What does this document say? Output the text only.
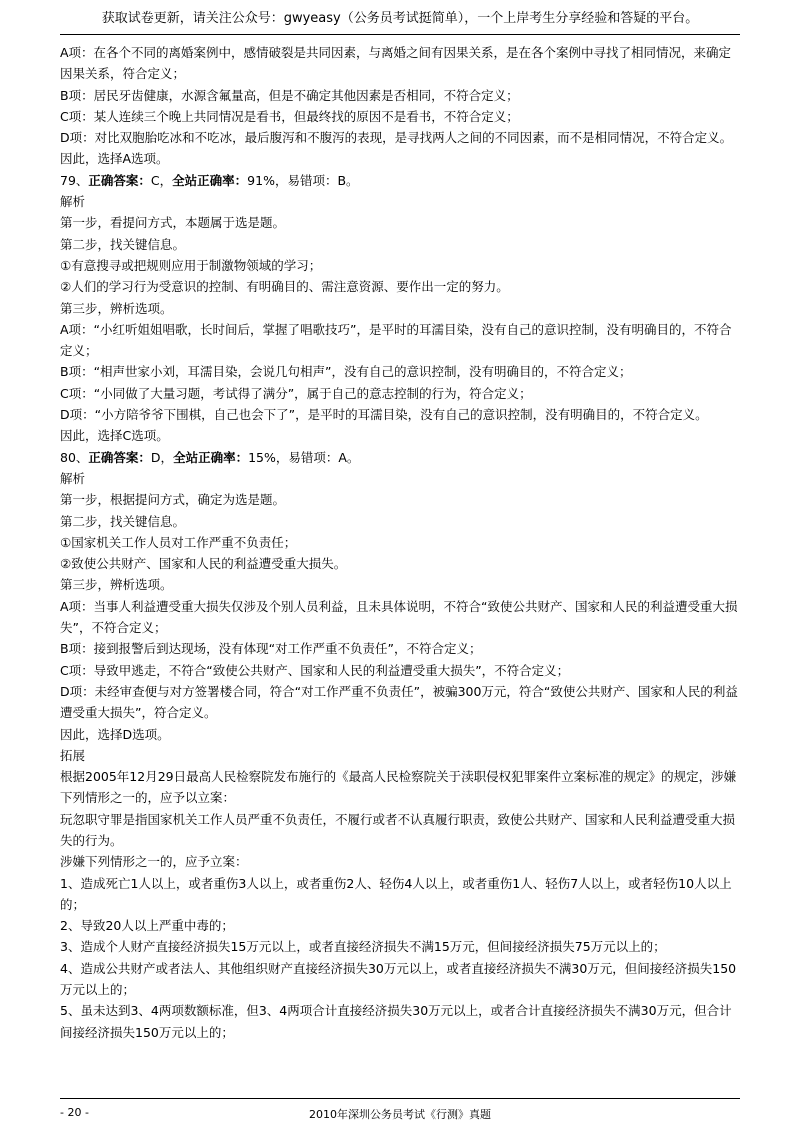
获取试卷更新，请关注公众号：gwyeasy（公务员考试挺简单），一个上岸考生分享经验和答疑的平台。

A项：在各个不同的离婚案例中，感情破裂是共同因素，与离婚之间有因果关系，是在各个案例中寻找了相同情况，来确定因果关系，符合定义；

B项：居民牙齿健康，水源含氟量高，但是不确定其他因素是否相同，不符合定义；

C项：某人连续三个晚上共同情况是看书，但最终找的原因不是看书，不符合定义；

D项：对比双胞胎吃冰和不吃冰，最后腹泻和不腹泻的表现，是寻找两人之间的不同因素，而不是相同情况，不符合定义。

因此，选择A选项。

79、正确答案：C，全站正确率：91%，易错项：B。

解析

第一步，看提问方式，本题属于选是题。

第二步，找关键信息。

①有意搜寻或把规则应用于制激物领域的学习；

②人们的学习行为受意识的控制、有明确目的、需注意资源、要作出一定的努力。

第三步，辨析选项。

A项：“小红听姐姐唱歌，长时间后，掌握了唱歌技巧”，是平时的耳濡目染，没有自己的意识控制，没有明确目的，不符合定义；

B项：“相声世家小刘，耳濡目染，会说几句相声”，没有自己的意识控制，没有明确目的，不符合定义；

C项：“小同做了大量习题，考试得了满分”，属于自己的意志控制的行为，符合定义；

D项：“小方陪爷爷下围棋，自己也会下了”，是平时的耳濡目染，没有自己的意识控制，没有明确目的，不符合定义。

因此，选择C选项。

80、正确答案：D，全站正确率：15%，易错项：A。

解析

第一步，根据提问方式，确定为选是题。

第二步，找关键信息。

①国家机关工作人员对工作严重不负责任；

②致使公共财产、国家和人民的利益遭受重大损失。

第三步，辨析选项。

A项：当事人利益遭受重大损失仅涉及个别人员利益，且未具体说明，不符合“致使公共财产、国家和人民的利益遭受重大损失”，不符合定义；

B项：接到报警后到达现场，没有体现“对工作严重不负责任”，不符合定义；

C项：导致甲逃走，不符合“致使公共财产、国家和人民的利益遭受重大损失”，不符合定义；

D项：未经审查便与对方签署楼合同，符合“对工作严重不负责任”，被骗300万元，符合“致使公共财产、国家和人民的利益遭受重大损失”，符合定义。

因此，选择D选项。

拓展

根据2005年12月29日最高人民检察院发布施行的《最高人民检察院关于渎职侵权犯罪案件立案标准的规定》的规定，涉嫌下列情形之一的，应予以立案：

玩忽职守罪是指国家机关工作人员严重不负责任，不履行或者不认真履行职责，致使公共财产、国家和人民利益遭受重大损失的行为。

涉嫌下列情形之一的，应予立案：

1、造成死亡1人以上，或者重伤3人以上，或者重伤2人、轻伤4人以上，或者重伤1人、轻伤7人以上，或者轻伤10人以上的；

2、导致20人以上严重中毒的；

3、造成个人财产直接经济损失15万元以上，或者直接经济损失不满15万元，但间接经济损失75万元以上的；

4、造成公共财产或者法人、其他组织财产直接经济损失30万元以上，或者直接经济损失不满30万元，但间接经济损失150万元以上的；

5、虽未达到3、4两项数额标准，但3、4两项合计直接经济损失30万元以上，或者合计直接经济损失不满30万元，但合计间接经济损失150万元以上的；

- 20 -	2010年深圳公务员考试《行测》真题
